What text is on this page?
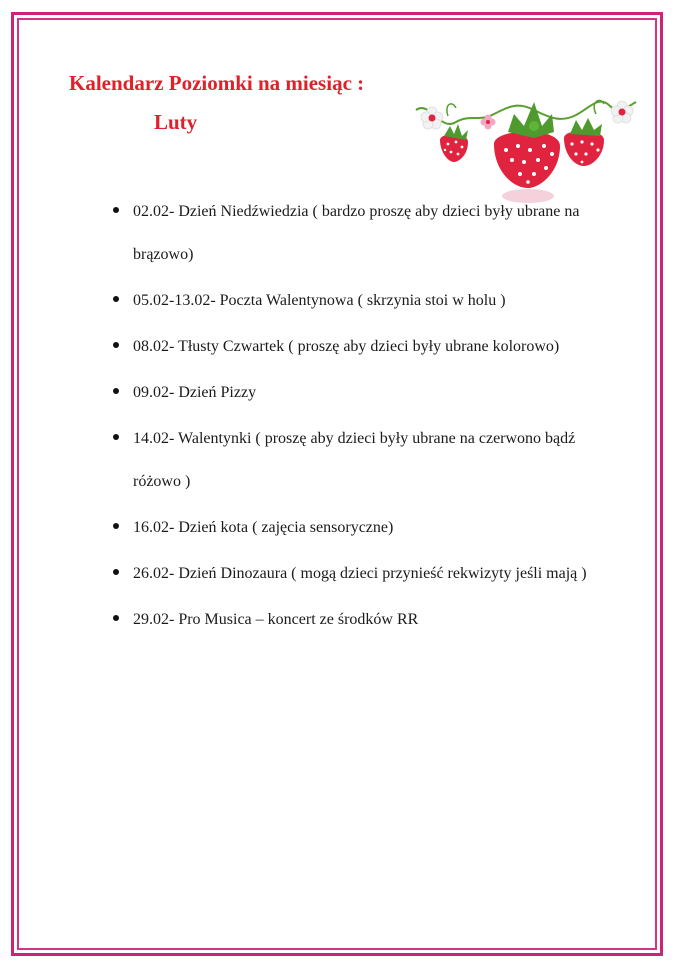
Kalendarz Poziomki na miesiąc :
Luty
02.02- Dzień Niedźwiedzia ( bardzo proszę aby dzieci były ubrane na brązowo)
05.02-13.02- Poczta Walentynowa ( skrzynia stoi w holu )
08.02- Tłusty Czwartek ( proszę aby dzieci były ubrane kolorowo)
09.02- Dzień Pizzy
14.02- Walentynki ( proszę aby dzieci były ubrane na czerwono bądź różowo )
16.02- Dzień kota ( zajęcia sensoryczne)
26.02- Dzień Dinozaura ( mogą dzieci przynieść rekwizyty jeśli mają )
29.02- Pro Musica – koncert ze środków RR
